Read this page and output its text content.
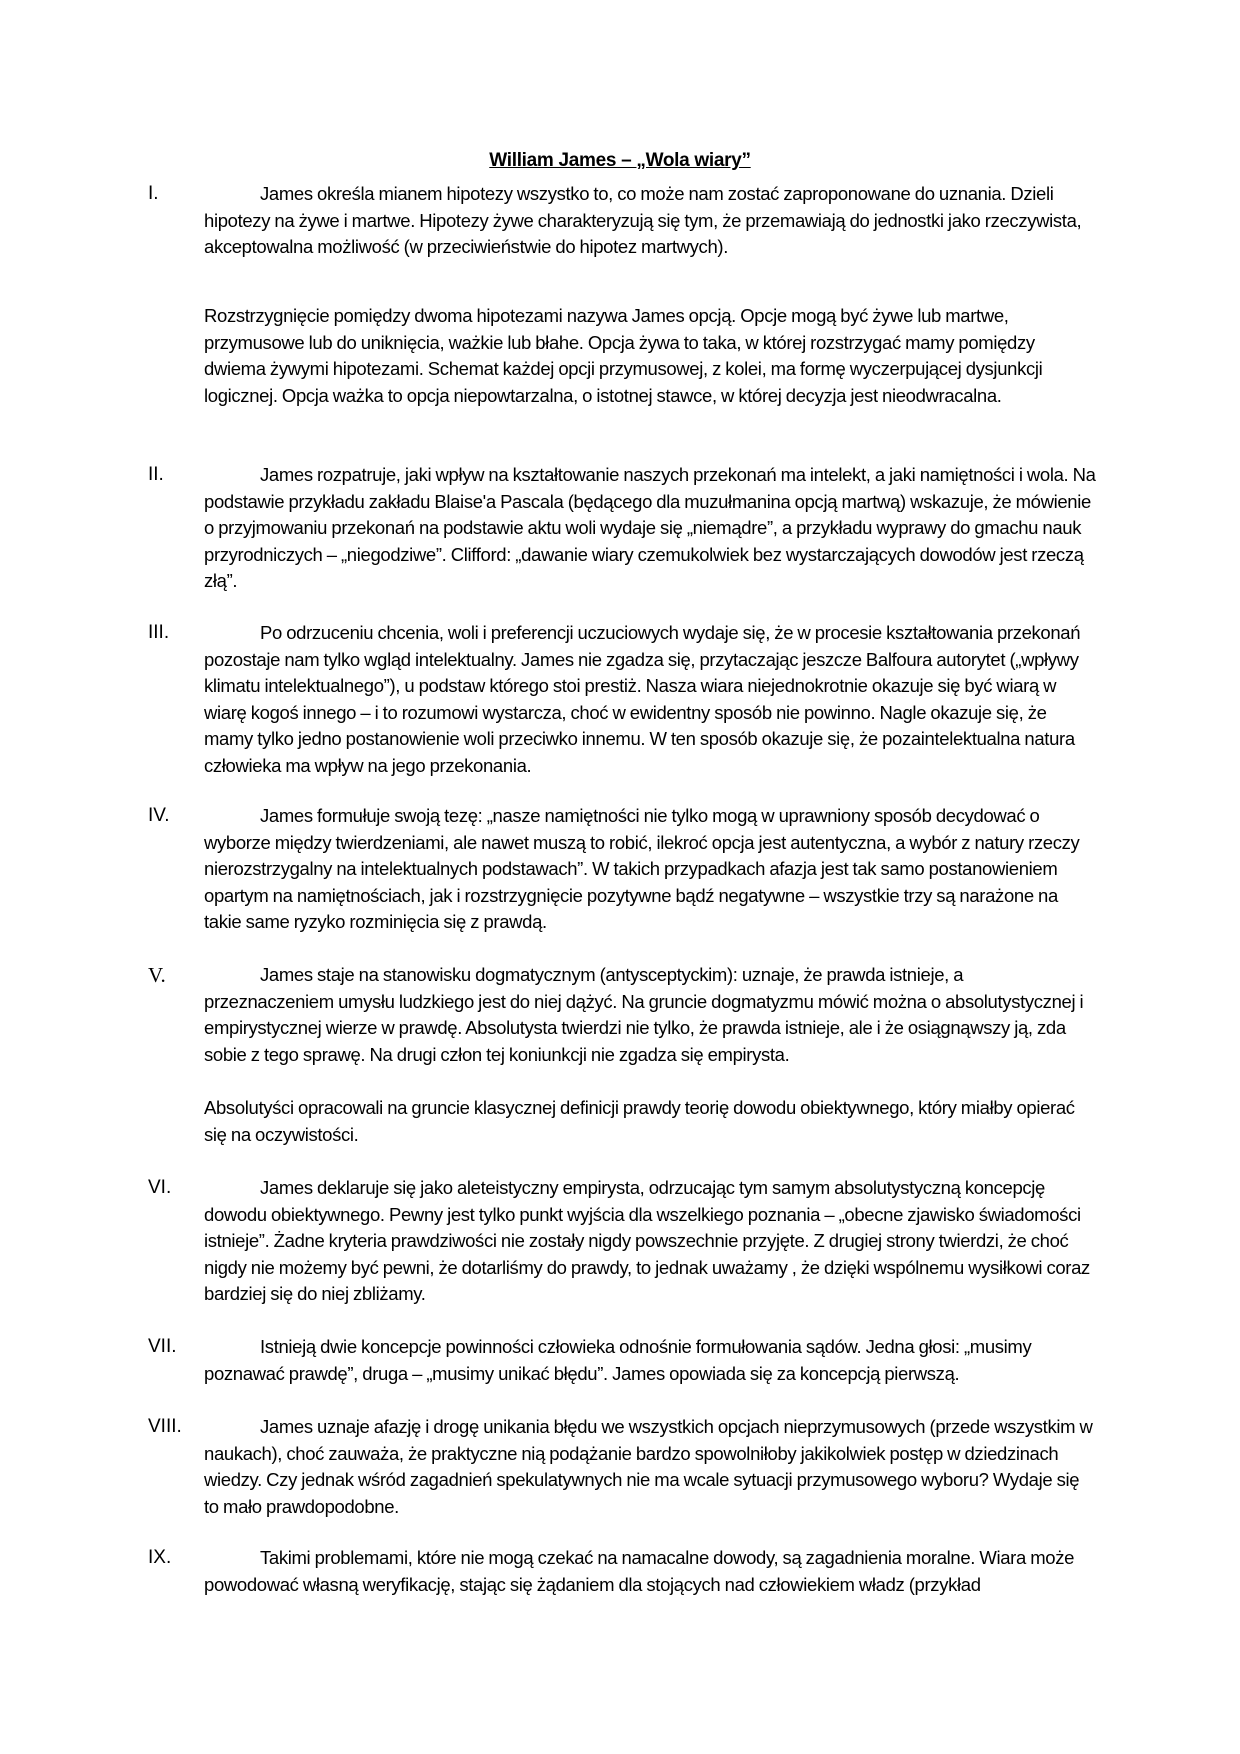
William James – „Wola wiary”
I.	James określa mianem hipotezy wszystko to, co może nam zostać zaproponowane do uznania. Dzieli hipotezy na żywe i martwe. Hipotezy żywe charakteryzują się tym, że przemawiają do jednostki jako rzeczywista, akceptowalna możliwość (w przeciwieństwie do hipotez martwych).

Rozstrzygnięcie pomiędzy dwoma hipotezami nazywa James opcją. Opcje mogą być żywe lub martwe, przymusowe lub do uniknięcia, ważkie lub błahe. Opcja żywa to taka, w której rozstrzygać mamy pomiędzy dwiema żywymi hipotezami. Schemat każdej opcji przymusowej, z kolei, ma formę wyczerpującej dysjunkcji logicznej. Opcja ważka to opcja niepowtarzalna, o istotnej stawce, w której decyzja jest nieodwracalna.

II.	James rozpatruje, jaki wpływ na kształtowanie naszych przekonań ma intelekt, a jaki namiętności i wola. Na podstawie przykładu zakładu Blaise'a Pascala (będącego dla muzułmanina opcją martwą) wskazuje, że mówienie o przyjmowaniu przekonań na podstawie aktu woli wydaje się „niemądre”, a przykładu wyprawy do gmachu nauk przyrodniczych – „niegodziwe”. Clifford: „dawanie wiary czemukolwiek bez wystarczających dowodów jest rzeczą złą”.

III.	Po odrzuceniu chcenia, woli i preferencji uczuciowych wydaje się, że w procesie kształtowania przekonań pozostaje nam tylko wgląd intelektualny. James nie zgadza się, przytaczając jeszcze Balfoura autorytet („wpływy klimatu intelektualnego”), u podstaw którego stoi prestiż. Nasza wiara niejednokrotnie okazuje się być wiarą w wiarę kogoś innego – i to rozumowi wystarcza, choć w ewidentny sposób nie powinno. Nagle okazuje się, że mamy tylko jedno postanowienie woli przeciwko innemu. W ten sposób okazuje się, że pozaintelektualna natura człowieka ma wpływ na jego przekonania.

IV.	James formułuje swoją tezę: „nasze namiętności nie tylko mogą w uprawniony sposób decydować o wyborze między twierdzeniami, ale nawet muszą to robić, ilekroć opcja jest autentyczna, a wybór z natury rzeczy nierozstrzygalny na intelektualnych podstawach”. W takich przypadkach afazja jest tak samo postanowieniem opartym na namiętnościach, jak i rozstrzygnięcie pozytywne bądź negatywne – wszystkie trzy są narażone na takie same ryzyko rozminięcia się z prawdą.

V.	James staje na stanowisku dogmatycznym (antysceptyckim): uznaje, że prawda istnieje, a przeznaczeniem umysłu ludzkiego jest do niej dążyć. Na gruncie dogmatyzmu mówić można o absolutystycznej i empirystycznej wierze w prawdę. Absolutysta twierdzi nie tylko, że prawda istnieje, ale i że osiągnąwszy ją, zda sobie z tego sprawę. Na drugi człon tej koniunkcji nie zgadza się empirysta.

Absolutyści opracowali na gruncie klasycznej definicji prawdy teorię dowodu obiektywnego, który miałby opierać się na oczywistości.

VI.	James deklaruje się jako aleteistyczny empirysta, odrzucając tym samym absolutystyczną koncepcję dowodu obiektywnego. Pewny jest tylko punkt wyjścia dla wszelkiego poznania – „obecne zjawisko świadomości istnieje”. Żadne kryteria prawdziwości nie zostały nigdy powszechnie przyjęte. Z drugiej strony twierdzi, że choć nigdy nie możemy być pewni, że dotarliśmy do prawdy, to jednak uważamy , że dzięki wspólnemu wysiłkowi coraz bardziej się do niej zbliżamy.

VII.	Istnieją dwie koncepcje powinności człowieka odnośnie formułowania sądów. Jedna głosi: „musimy poznawać prawdę”, druga – „musimy unikać błędu”. James opowiada się za koncepcją pierwszą.

VIII.	James uznaje afazję i drogę unikania błędu we wszystkich opcjach nieprzymusowych (przede wszystkim w naukach), choć zauważa, że praktyczne nią podążanie bardzo spowolniłoby jakikolwiek postęp w dziedzinach wiedzy. Czy jednak wśród zagadnień spekulatywnych nie ma wcale sytuacji przymusowego wyboru? Wydaje się to mało prawdopodobne.

IX.	Takimi problemami, które nie mogą czekać na namacalne dowody, są zagadnienia moralne. Wiara może powodować własną weryfikację, stając się żądaniem dla stojących nad człowiekiem władz (przykład
